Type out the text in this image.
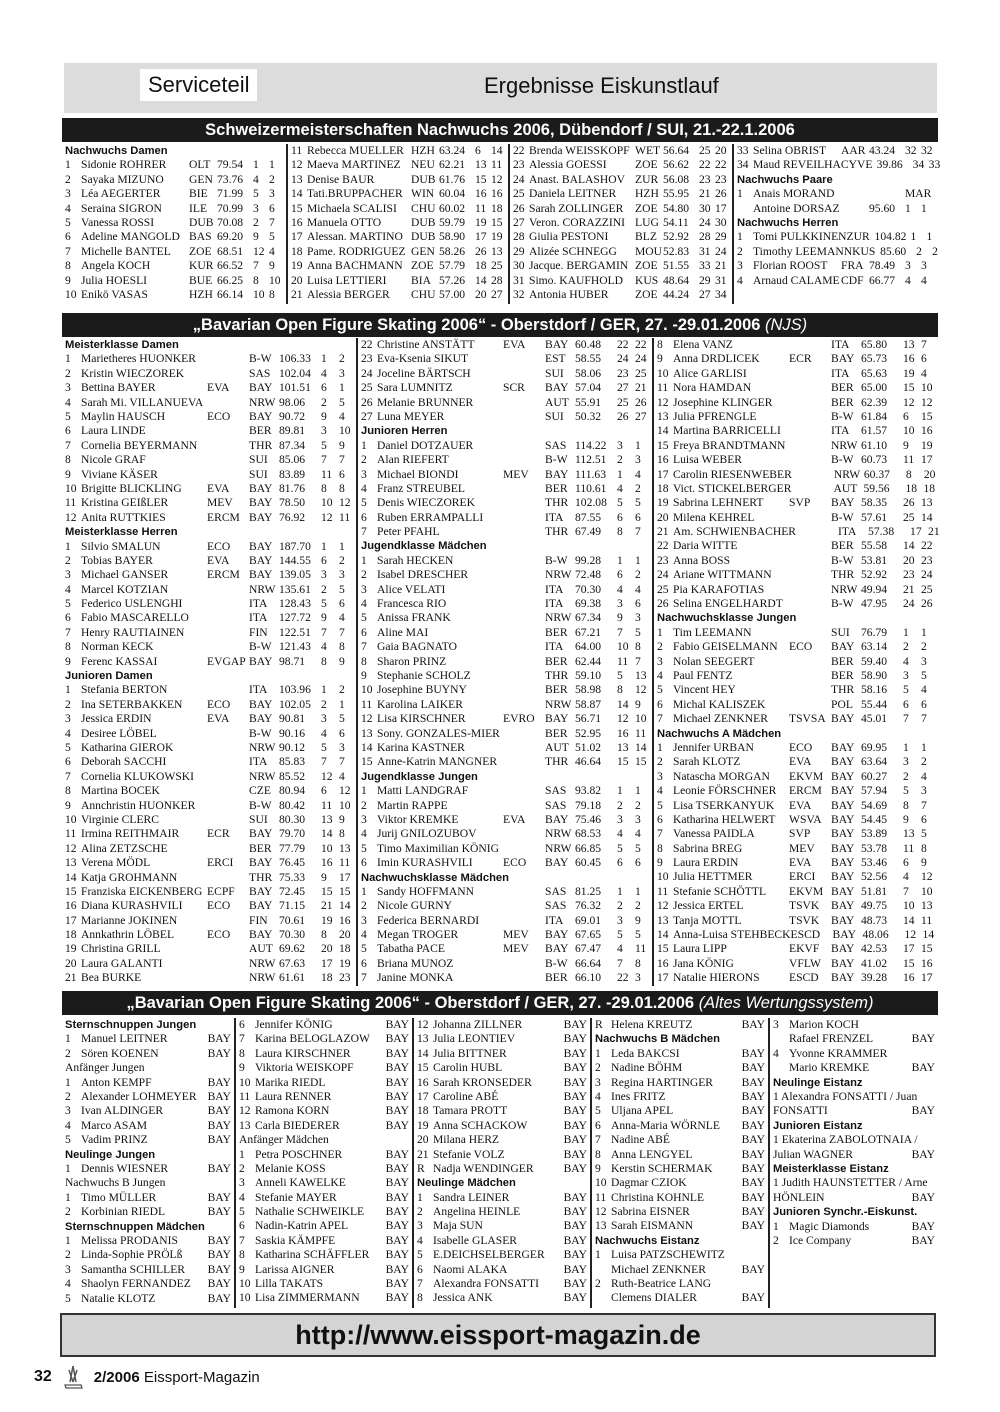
Serviceteil	Ergebnisse Eiskunstlauf
Schweizermeisterschaften Nachwuchs 2006, Dübendorf / SUI, 21.-22.1.2006
Nachwuchs Damen
1 Sidonie ROHRER	OLT 79.54 1 1
2 Sayaka MIZUNO	GEN 73.76 4 2
3 Léa AEGERTER	BIE 71.99 5 3
4 Seraina SIGRON	ILE 70.99 3 6
5 Vanessa ROSSI	DUB 70.08 2 7
6 Adeline MANGOLD BAS 69.20 9 5
7 Michelle BANTEL	ZOE 68.51 12 4
8 Angela KOCH	KUR 66.52 7 9
9 Julia HOESLI	BUE 66.25 8 10
10 Enikö VASAS	HZH 66.14 10 8
11 Rebecca MUELLER HZH 63.24 6 14
12 Maeva MARTINEZ NEU 62.21 13 11
13 Denise BAUR	DUB 61.76 15 12
14 Tati.BRUPPACHER WIN 60.04 16 16
15 Michaela SCALISI	CHU 60.02 11 18
16 Manuela OTTO	DUB 59.79 19 15
17 Alessan. MARTINO DUB 58.90 17 19
18 Pame. RODRIGUEZ GEN 58.26 26 13
19 Anna BACHMANN ZOE 57.79 18 25
20 Luisa LETTIERI	BIA 57.26 14 28
21 Alessia BERGER	CHU 57.00 20 27
22 Brenda WEISSKOPF WET 56.64 25 20
23 Alessia GOESSI	ZOE 56.62 22 22
24 Anast. BALASHOV ZUR 56.08 23 23
25 Daniela LEITNER	HZH 55.95 21 26
26 Sarah ZOLLINGER	ZOE 54.80 30 17
27 Veron. CORAZZINI LUG 54.11 24 30
28 Giulia PESTONI	BLZ 52.92 28 29
29 Alizée SCHNEGG	MOU 52.83 31 24
30 Jacque. BERGAMIN ZOE 51.55 33 21
31 Simo. KAUFHOLD	KUS 48.64 29 31
32 Antonia HUBER	ZOE 44.24 27 34
33 Selina OBRIST	AAR 43.24 32 32
34 Maud REVEILHAC YVE 39.86 34 33
Nachwuchs Paare
1 Anais MORAND	MAR
Antoine DORSAZ	95.60 1 1
Nachwuchs Herren
1 Tomi PULKKINEN ZUR 104.82 1 1
2 Timothy LEEMANN KUS 85.60 2 2
3 Florian ROOST	FRA 78.49 3 3
4 Arnaud CALAME CDF 66.77 4 4
„Bavarian Open Figure Skating 2006“ - Oberstdorf / GER, 27. -29.01.2006 (NJS)
Meisterklasse Damen
1 Marietheres HUONKER	B-W 106.33 1	2
2 Kristin WIECZOREK	SAS 102.04 4	3
3 Bettina BAYER	EVA	BAY 101.51 6	1
4 Sarah Mi. VILLANUEVA	NRW 98.06	2	5
5 Maylin HAUSCH	ECO	BAY 90.72	9	4
6 Laura LINDE	BER 89.81	3	10
7 Cornelia BEYERMANN	THR 87.34	5	9
8 Nicole GRAF	SUI 85.06	7	7
9 Viviane KÄSER	SUI 83.89	11 6
10 Brigitte BLICKLING	EVA	BAY 81.76	8	8
11 Kristina GEIßLER	MEV	BAY 78.50	10 12
12 Anita RUTTKIES	ERCM BAY 76.92	12 11
Meisterklasse Herren
1 Silvio SMALUN	ECO	BAY 187.70 1	1
2 Tobias BAYER	EVA	BAY 144.55 6	2
3 Michael GANSER	ERCM BAY 139.05 3	3
4 Marcel KOTZIAN	NRW 135.61 2	5
5 Federico USLENGHI	ITA	128.43 5	6
6 Fabio MASCARELLO	ITA	127.72 9	4
7 Henry RAUTIAINEN	FIN 122.51 7	7
8 Norman KECK	B-W 121.43 4	8
9 Ferenc KASSAI	EVGAP BAY 98.71	8	9
Junioren Damen
1 Stefania BERTON	ITA	103.96 1	2
2 Ina SETERBAKKEN	ECO	BAY 102.05 2	1
3 Jessica ERDIN	EVA	BAY 90.81	3	5
4 Desiree LÖBEL	B-W 90.16	4	6
5 Katharina GIEROK	NRW 90.12	5	3
6 Deborah SACCHI	ITA	85.83	7	7
7 Cornelia KLUKOWSKI	NRW 85.52	12 4
8 Martina BOCEK	CZE 80.94	6	12
9 Annchristin HUONKER	B-W 80.42	11 10
10 Virginie CLERC	SUI 80.30	13 9
11 Irmina REITHMAIR	ECR	BAY 79.70	14 8
12 Alina ZETZSCHE	BER 77.79	10 13
13 Verena MÖDL	ERCI	BAY 76.45	16 11
14 Katja GROHMANN	THR 75.33	9	17
15 Franziska EICKENBERG ECPF	BAY 72.45	15 15
16 Diana KURASHVILI	ECO	BAY 71.15	21 14
17 Marianne JOKINEN	FIN 70.61	19 16
18 Annkathrin LÖBEL	ECO	BAY 70.30	8	20
19 Christina GRILL	AUT 69.62	20 18
20 Laura GALANTI	NRW 67.63	17 19
21 Bea BURKE	NRW 61.61	18 23
22 Christine ANSTÄTT	EVA	BAY 60.48	22 22
23 Eva-Ksenia SIKUT	EST 58.55	24 24
24 Joceline BÄRTSCH	SUI 58.06	23 25
25 Sara LUMNITZ	SCR	BAY 57.04	27 21
26 Melanie BRUNNER	AUT 55.91	25 26
27 Luna MEYER	SUI 50.32	26 27
Junioren Herren
1 Daniel DOTZAUER	SAS 114.22 3	1
2 Alan RIEFERT	B-W 112.51 2	3
3 Michael BIONDI	MEV	BAY 111.63 1	4
4 Franz STREUBEL	BER 110.61 4	2
5 Denis WIECZOREK	THR 102.08 5	5
6 Ruben ERRAMPALLI	ITA	87.55	6	6
7 Peter PFAHL	THR 67.49	8	7
Jugendklasse Mädchen
1 Sarah HECKEN	B-W 99.28	1	1
2 Isabel DRESCHER	NRW 72.48	6	2
3 Alice VELATI	ITA	70.30	4	4
4 Francesca RIO	ITA	69.38	3	6
5 Anissa FRANK	NRW 67.34	9	3
6 Aline MAI	BER 67.21	7	5
7 Gaia BAGNATO	ITA	64.00	10 8
8 Sharon PRINZ	BER 62.44	11 7
9 Stephanie SCHOLZ	THR 59.10	5	13
10 Josephine BUYNY	BER 58.98	8	12
11 Karolina LAIKER	NRW 58.87	14 9
12 Lisa KIRSCHNER	EVRO BAY 56.71	12 10
13 Sony. GONZALES-MIER	BER 52.95	16 11
14 Karina KASTNER	AUT 51.02	13 14
15 Anne-Katrin MANGNER	THR 46.64	15 15
Jugendklasse Jungen
1 Matti LANDGRAF	SAS 93.82	1	1
2 Martin RAPPE	SAS 79.18	2	2
3 Viktor KREMKE	EVA	BAY 75.46	3	3
4 Jurij GNILOZUBOV	NRW 68.53	4	4
5 Timo Maximilian KÖNIG	NRW 66.85	5	5
6 Imin KURASHVILI	ECO	BAY 60.45	6	6
Nachwuchsklasse Mädchen
1 Sandy HOFFMANN	SAS 81.25	1	1
2 Nicole GURNY	SAS 76.32	2	2
3 Federica BERNARDI	ITA	69.01	3	9
4 Megan TROGER	MEV	BAY 67.65	5	5
5 Tabatha PACE	MEV	BAY 67.47	4	11
6 Briana MUNOZ	B-W 66.64	7	8
7 Janine MONKA	BER 66.10	22 3
8 Elena VANZ	ITA	65.80	13 7
9 Anna DRDLICEK	ECR	BAY 65.73	16 6
10 Alice GARLISI	ITA	65.63	19 4
11 Nora HAMDAN	BER 65.00	15 10
12 Josephine KLINGER	BER 62.39	12 12
13 Julia PFRENGLE	B-W 61.84	6	15
14 Martina BARRICELLI	ITA	61.57	10 16
15 Freya BRANDTMANN	NRW 61.10	9	19
16 Luisa WEBER	B-W 60.73	11 17
17 Carolin RIESENWEBER	NRW 60.37	8	20
18 Vict. STICKELBERGER	AUT 59.56	18 18
19 Sabrina LEHNERT	SVP	BAY 58.35	26 13
20 Milena KEHREL	B-W 57.61	25 14
21 Am. SCHWIENBACHER	ITA	57.38	17 21
22 Daria WITTE	BER 55.58	14 22
23 Anna BOSS	B-W 53.81	20 23
24 Ariane WITTMANN	THR 52.92	23 24
25 Pia KARAFOTIAS	NRW 49.94	21 25
26 Selina ENGELHARDT	B-W 47.95	24 26
Nachwuchsklasse Jungen
1 Tim LEEMANN	SUI 76.79	1	1
2 Fabio GEISELMANN ECO	BAY 63.14	2	2
3 Nolan SEEGERT	BER 59.40	4	3
4 Paul FENTZ	BER 58.90	3	5
5 Vincent HEY	THR 58.16	5	4
6 Michal KALISZEK	POL 55.44	6	6
7 Michael ZENKNER	TSVSA BAY 45.01	7	7
Nachwuchs A Mädchen
1 Jennifer URBAN	ECO	BAY 69.95	1	1
2 Sarah KLOTZ	EVA	BAY 63.64	3	2
3 Natascha MORGAN	EKVM BAY 60.27	2	4
4 Leonie FÖRSCHNER	ERCM BAY 57.94	5	3
5 Lisa TSERKANYUK	EVA	BAY 54.69	8	7
6 Katharina HELWERT	WSVA BAY 54.45	9	6
7 Vanessa PAIDLA	SVP	BAY 53.89	13 5
8 Sabrina BREG	MEV	BAY 53.78	11 8
9 Laura ERDIN	EVA	BAY 53.46	6	9
10 Julia HETTMER	ERCI	BAY 52.56	4	12
11 Stefanie SCHÖTTL	EKVM BAY 51.81	7	10
12 Jessica ERTEL	TSVK	BAY 49.75	10 13
13 Tanja MOTTL	TSVK	BAY 48.73	14 11
14 Anna-Luisa STEHBECK ESCD	BAY 48.06	12 14
15 Laura LIPP	EKVF	BAY 42.53	17 15
16 Jana KÖNIG	VFLW BAY 41.02	15 16
17 Natalie HIERONS	ESCD	BAY 39.28	16 17
„Bavarian Open Figure Skating 2006“ - Oberstdorf / GER, 27. -29.01.2006 (Altes Wertungssystem)
Sternschnuppen Jungen
1 Manuel LEITNER	BAY
2 Sören KOENEN	BAY
Anfänger Jungen
1 Anton KEMPF	BAY
2 Alexander LOHMEYER BAY
3 Ivan ALDINGER	BAY
4 Marco ASAM	BAY
5 Vadim PRINZ	BAY
Neulinge Jungen
1 Dennis WIESNER	BAY
Nachwuchs B Jungen
1 Timo MÜLLER	BAY
2 Korbinian RIEDL	BAY
Sternschnuppen Mädchen
1 Melissa PRODANIS	BAY
2 Linda-Sophie PRÖLß	BAY
3 Samantha SCHILLER	BAY
4 Shaolyn FERNANDEZ	BAY
5 Natalie KLOTZ	BAY
6 Jennifer KÖNIG	BAY
7 Karina BELOGLAZOW	BAY
8 Laura KIRSCHNER	BAY
9 Viktoria WEISKOPF	BAY
10 Marika RIEDL	BAY
11 Laura RENNER	BAY
12 Ramona KORN	BAY
13 Carla BIEDERER	BAY
Anfänger Mädchen
1 Petra POSCHNER	BAY
2 Melanie KOSS	BAY
3 Anneli KAWELKE	BAY
4 Stefanie MAYER	BAY
5 Nathalie SCHWEIKLE	BAY
6 Nadin-Katrin APEL	BAY
7 Saskia KÄMPFE	BAY
8 Katharina SCHÄFFLER	BAY
9 Larissa AIGNER	BAY
10 Lilla TAKATS	BAY
10 Lisa ZIMMERMANN	BAY
12 Johanna ZILLNER	BAY
13 Julia LEONTIEV	BAY
14 Julia BITTNER	BAY
15 Carolin HUBL	BAY
16 Sarah KRONSEDER	BAY
17 Caroline ABÉ	BAY
18 Tamara PROTT	BAY
19 Anna SCHACKOW	BAY
20 Milana HERZ	BAY
21 Stefanie VOLZ	BAY
R Nadja WENDINGER	BAY
Neulinge Mädchen
1 Sandra LEINER	BAY
2 Angelina HEINLE	BAY
3 Maja SUN	BAY
4 Isabelle GLASER	BAY
5 E.DEICHSELBERGER	BAY
6 Naomi ALAKA	BAY
7 Alexandra FONSATTI	BAY
8 Jessica ANK	BAY
R Helena KREUTZ	BAY
Nachwuchs B Mädchen
1 Leda BAKCSI	BAY
2 Nadine BÖHM	BAY
3 Regina HARTINGER	BAY
4 Ines FRITZ	BAY
5 Uljana APEL	BAY
6 Anna-Maria WÖRNLE	BAY
7 Nadine ABÉ	BAY
8 Anna LENGYEL	BAY
9 Kerstin SCHERMAK	BAY
10 Dagmar CZIOK	BAY
11 Christina KOHNLE	BAY
12 Sabrina EISNER	BAY
13 Sarah EISMANN	BAY
Nachwuchs Eistanz
1 Luisa PATZSCHEWITZ
Michael ZENKNER	BAY
2 Ruth-Beatrice LANG
Clemens DIALER	BAY
3 Marion KOCH
Rafael FRENZEL	BAY
4 Yvonne KRAMMER
Mario KREMKE	BAY
Neulinge Eistanz
1 Alexandra FONSATTI / Juan
FONSATTI	BAY
Junioren Eistanz
1 Ekaterina ZABOLOTNAIA /
Julian WAGNER	BAY
Meisterklasse Eistanz
1 Judith HAUNSTETTER / Arne
HÖNLEIN	BAY
Junioren Synchr.-Eiskunst.
1 Magic Diamonds	BAY
2 Ice Company	BAY
http://www.eissport-magazin.de
32	2/2006 Eissport-Magazin
